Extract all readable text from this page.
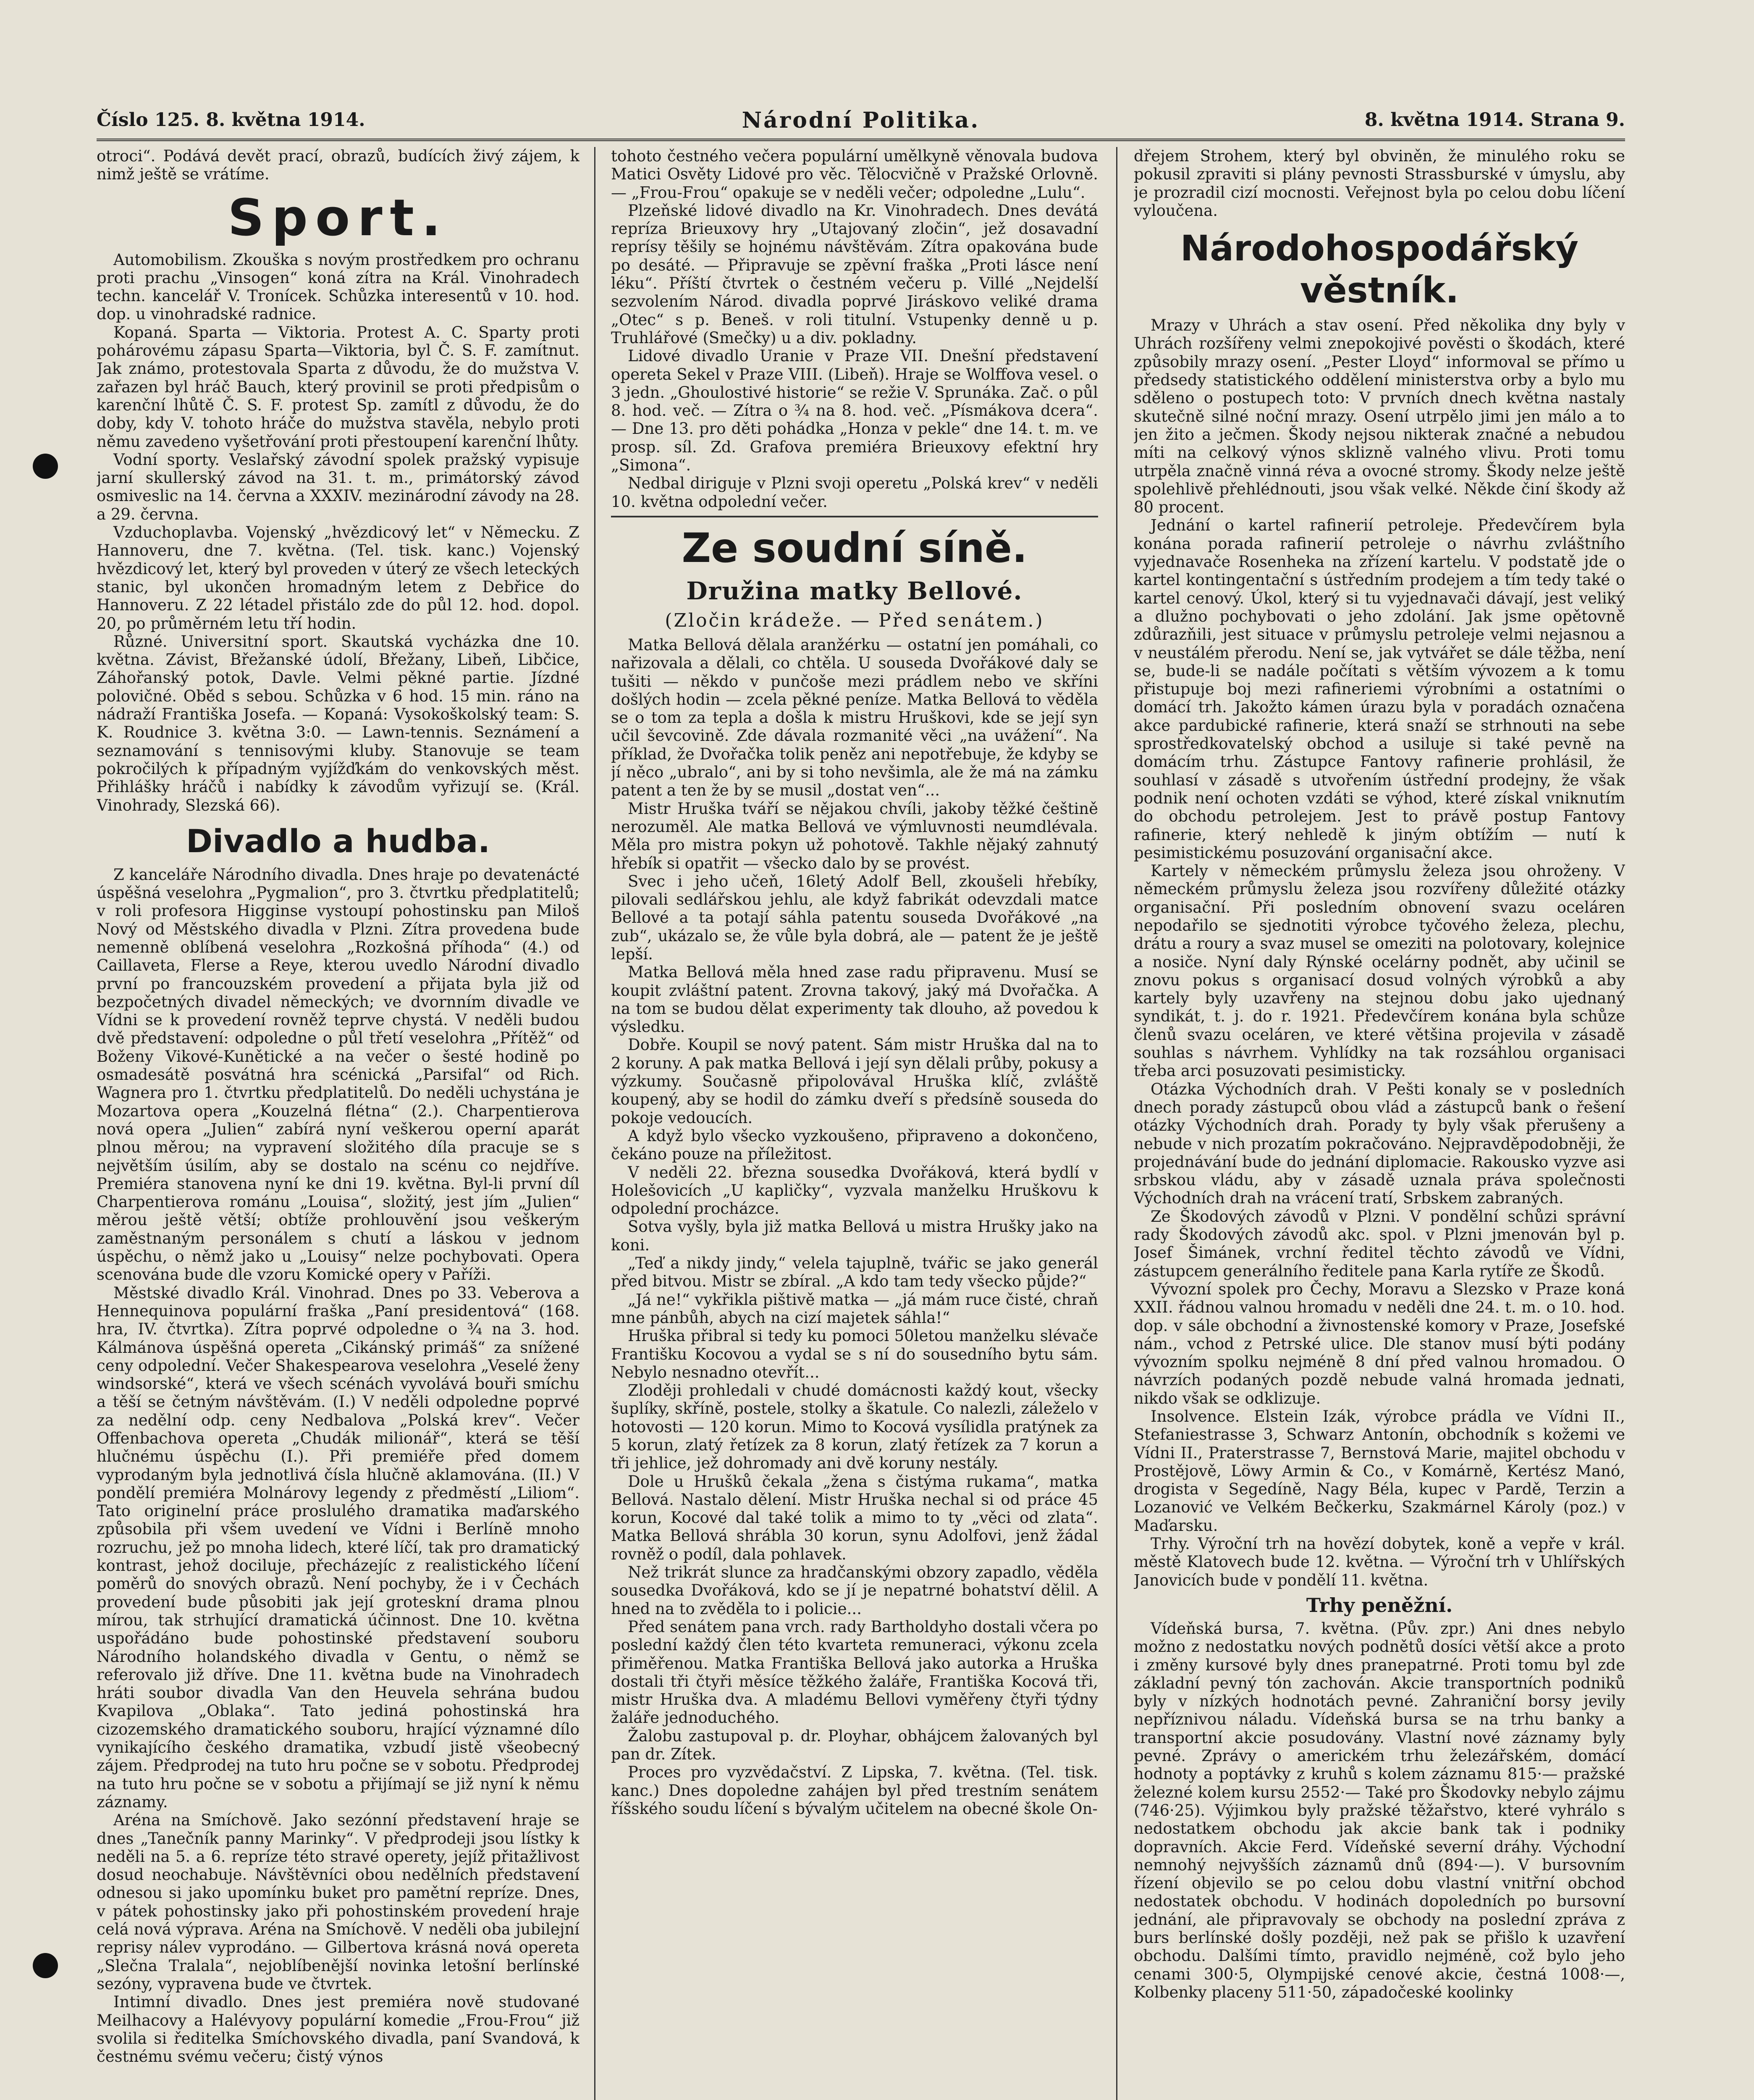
Číslo 125. 8. května 1914.	Národní Politika.	8. května 1914. Strana 9.

otroci“. Podává devět prací, obrazů, budících živý zájem, k nimž ještě se vrátíme.

Sport.

Automobilism. Zkouška s novým prostředkem pro ochranu proti prachu „Vinsogen“ koná zítra na Král. Vinohradech techn. kancelář V. Tronícek. Schůzka interesentů v 10. hod. dop. u vinohradské radnice.

Kopaná. Sparta — Viktoria. Protest A. C. Sparty proti pohárovému zápasu Sparta—Viktoria, byl Č. S. F. zamítnut. Jak známo, protestovala Sparta z důvodu, že do mužstva V. zařazen byl hráč Bauch, který provinil se proti předpisům o karenční lhůtě Č. S. F. protest Sp. zamítl z důvodu, že do doby, kdy V. tohoto hráče do mužstva stavěla, nebylo proti němu zavedeno vyšetřování proti přestoupení karenční lhůty.

Vodní sporty. Veslařský závodní spolek pražský vypisuje jarní skullerský závod na 31. t. m., primátorský závod osmiveslic na 14. června a XXXIV. mezinárodní závody na 28. a 29. června.

Vzduchoplavba. Vojenský „hvězdicový let“ v Německu. Z Hannoveru, dne 7. května. (Tel. tisk. kanc.) Vojenský hvězdicový let, který byl proveden v úterý ze všech leteckých stanic, byl ukončen hromadným letem z Debřice do Hannoveru. Z 22 létadel přistálo zde do půl 12. hod. dopol. 20, po průměrném letu tří hodin.

Různé. Universitní sport. Skautská vycházka dne 10. května. Závist, Břežanské údolí, Břežany, Libeň, Libčice, Záhořanský potok, Davle. Velmi pěkné partie. Jízdné polovičné. Oběd s sebou. Schůzka v 6 hod. 15 min. ráno na nádraží Františka Josefa. — Kopaná: Vysokoškolský team: S. K. Roudnice 3. května 3:0. — Lawn-tennis. Seznámení a seznamování s tennisovými kluby. Stanovuje se team pokročilých k případným vyjížďkám do venkovských měst. Přihlášky hráčů i nabídky k závodům vyřizují se. (Král. Vinohrady, Slezská 66).

Divadlo a hudba.

Z kanceláře Národního divadla. Dnes hraje po devatenácté úspěšná veselohra „Pygmalion“, pro 3. čtvrtku předplatitelů; v roli profesora Higginse vystoupí pohostinsku pan Miloš Nový od Městského divadla v Plzni. Zítra provedena bude nemenně oblíbená veselohra „Rozkošná příhoda“ (4.) od Caillaveta, Flerse a Reye, kterou uvedlo Národní divadlo první po francouzském provedení a přijata byla již od bezpočetných divadel německých; ve dvornním divadle ve Vídni se k provedení rovněž teprve chystá. V neděli budou dvě představení: odpoledne o půl třetí veselohra „Přítěž“ od Boženy Vikové-Kunětické a na večer o šesté hodině po osmadesátě posvátná hra scénická „Parsifal“ od Rich. Wagnera pro 1. čtvrtku předplatitelů. Do neděli uchystána je Mozartova opera „Kouzelná flétna“ (2.). Charpentierova nová opera „Julien“ zabírá nyní veškerou operní aparát plnou měrou; na vypravení složitého díla pracuje se s největším úsilím, aby se dostalo na scénu co nejdříve. Premiéra stanovena nyní ke dni 19. května. Byl-li první díl Charpentierova románu „Louisa“, složitý, jest jím „Julien“ měrou ještě větší; obtíže prohlouvění jsou veškerým zaměstnaným personálem s chutí a láskou v jednom úspěchu, o němž jako u „Louisy“ nelze pochybovati. Opera scenována bude dle vzoru Komické opery v Paříži.

Městské divadlo Král. Vinohrad. Dnes po 33. Veberova a Hennequinova populární fraška „Paní presidentová“ (168. hra, IV. čtvrtka). Zítra poprvé odpoledne o ¾ na 3. hod. Kálmánova úspěšná opereta „Cikánský primáš“ za snížené ceny odpolední. Večer Shakespearova veselohra „Veselé ženy windsorské“, která ve všech scénách vyvolává bouři smíchu a těší se četným návštěvám. (I.) V neděli odpoledne poprvé za nedělní odp. ceny Nedbalova „Polská krev“. Večer Offenbachova opereta „Chudák milionář“, která se těší hlučnému úspěchu (I.). Při premiéře před domem vyprodaným byla jednotlivá čísla hlučně aklamována. (II.) V pondělí premiéra Molnárovy legendy z předměstí „Liliom“. Tato originelní práce proslulého dramatika maďarského způsobila při všem uvedení ve Vídni i Berlíně mnoho rozruchu, jež po mnoha lidech, které líčí, tak pro dramatický kontrast, jehož dociluje, přecházejíc z realistického líčení poměrů do snových obrazů. Není pochyby, že i v Čechách provedení bude působiti jak její groteskní drama plnou mírou, tak strhující dramatická účinnost. Dne 10. května uspořádáno bude pohostinské představení souboru Národního holandského divadla v Gentu, o němž se referovalo již dříve. Dne 11. května bude na Vinohradech hráti soubor divadla Van den Heuvela sehrána budou Kvapilova „Oblaka“. Tato jediná pohostinská hra cizozemského dramatického souboru, hrající významné dílo vynikajícího českého dramatika, vzbudí jistě všeobecný zájem. Předprodej na tuto hru počne se v sobotu. Předprodej na tuto hru počne se v sobotu a přijímají se již nyní k němu záznamy.

Aréna na Smíchově. Jako sezónní představení hraje se dnes „Tanečník panny Marinky“. V předprodeji jsou lístky k neděli na 5. a 6. repríze této stravé operety, jejíž přitažlivost dosud neochabuje. Návštěvníci obou nedělních představení odnesou si jako upomínku buket pro pamětní repríze. Dnes, v pátek pohostinsky jako při pohostinském provedení hraje celá nová výprava. Aréna na Smíchově. V neděli oba jubilejní reprisy nálev vyprodáno. — Gilbertova krásná nová opereta „Slečna Tralala“, nejoblíbenější novinka letošní berlínské sezóny, vypravena bude ve čtvrtek.

Intimní divadlo. Dnes jest premiéra nově studované Meilhacovy a Halévyovy populární komedie „Frou-Frou“ již svolila si ředitelka Smíchovského divadla, paní Svandová, k čestnému svému večeru; čistý výnos

tohoto čestného večera populární umělkyně věnovala budova Matici Osvěty Lidové pro věc. Tělocvičně v Pražské Orlovně. — „Frou-Frou“ opakuje se v neděli večer; odpoledne „Lulu“.

Plzeňské lidové divadlo na Kr. Vinohradech. Dnes devátá repríza Brieuxovy hry „Utajovaný zločin“, jež dosavadní reprísy těšily se hojnému návštěvám. Zítra opakována bude po desáté. — Připravuje se zpěvní fraška „Proti lásce není léku“. Příští čtvrtek o čestném večeru p. Villé „Nejdelší sezvolením Národ. divadla poprvé Jiráskovo veliké drama „Otec“ s p. Beneš. v roli titulní. Vstupenky denně u p. Truhlářové (Smečky) u a div. pokladny.

Lidové divadlo Uranie v Praze VII. Dnešní představení opereta Sekel v Praze VIII. (Libeň). Hraje se Wolffova vesel. o 3 jedn. „Ghoulostivé historie“ se režie V. Sprunáka. Zač. o půl 8. hod. več. — Zítra o ¾ na 8. hod. več. „Písmákova dcera“. — Dne 13. pro děti pohádka „Honza v pekle“ dne 14. t. m. ve prosp. síl. Zd. Grafova premiéra Brieuxovy efektní hry „Simona“.

Nedbal diriguje v Plzni svoji operetu „Polská krev“ v neděli 10. května odpolední večer.

Ze soudní síně.
Družina matky Bellové.
(Zločin krádeže. — Před senátem.)

Matka Bellová dělala aranžérku — ostatní jen pomáhali, co nařizovala a dělali, co chtěla. U souseda Dvořákové daly se tušiti — někdo v punčoše mezi prádlem nebo ve skříni došlých hodin — zcela pěkné peníze. Matka Bellová to věděla se o tom za tepla a došla k mistru Hruškovi, kde se její syn učil ševcovině. Zde dávala rozmanité věci „na uvážení“. Na příklad, že Dvořačka tolik peněz ani nepotřebuje, že kdyby se jí něco „ubralo“, ani by si toho nevšimla, ale že má na zámku patent a ten že by se musil „dostat ven“...

Mistr Hruška tváří se nějakou chvíli, jakoby těžké češtině nerozuměl. Ale matka Bellová ve výmluvnosti neumdlévala. Měla pro mistra pokyn už pohotově. Takhle nějaký zahnutý hřebík si opatřit — všecko dalo by se provést.

Svec i jeho učeň, 16letý Adolf Bell, zkoušeli hřebíky, pilovali sedlářskou jehlu, ale když fabrikát odevzdali matce Bellové a ta potají sáhla patentu souseda Dvořákové „na zub“, ukázalo se, že vůle byla dobrá, ale — patent že je ještě lepší.

Matka Bellová měla hned zase radu připravenu. Musí se koupit zvláštní patent. Zrovna takový, jaký má Dvořačka. A na tom se budou dělat experimenty tak dlouho, až povedou k výsledku.

Dobře. Koupil se nový patent. Sám mistr Hruška dal na to 2 koruny. A pak matka Bellová i její syn dělali průby, pokusy a výzkumy. Současně připolovával Hruška klíč, zvláště koupený, aby se hodil do zámku dveří s předsíně souseda do pokoje vedoucích.

A když bylo všecko vyzkoušeno, připraveno a dokončeno, čekáno pouze na příležitost.

V neděli 22. března sousedka Dvořáková, která bydlí v Holešovicích „U kapličky“, vyzvala manželku Hruškovu k odpolední procházce.

Sotva vyšly, byla již matka Bellová u mistra Hrušky jako na koni.

„Teď a nikdy jindy,“ velela tajuplně, tvářic se jako generál před bitvou. Mistr se zbíral. „A kdo tam tedy všecko půjde?“

„Já ne!“ vykřikla pištivě matka — „já mám ruce čisté, chraň mne pánbůh, abych na cizí majetek sáhla!“

Hruška přibral si tedy ku pomoci 50letou manželku slévače Františku Kocovou a vydal se s ní do sousedního bytu sám. Nebylo nesnadno otevřít...

Zloději prohledali v chudé domácnosti každý kout, všecky šuplíky, skříně, postele, stolky a škatule. Co nalezli, záleželo v hotovosti — 120 korun. Mimo to Kocová vysílidla pratýnek za 5 korun, zlatý řetízek za 8 korun, zlatý řetízek za 7 korun a tři jehlice, jež dohromady ani dvě koruny nestály.

Dole u Hrušků čekala „žena s čistýma rukama“, matka Bellová. Nastalo dělení. Mistr Hruška nechal si od práce 45 korun, Kocové dal také tolik a mimo to ty „věci od zlata“. Matka Bellová shrábla 30 korun, synu Adolfovi, jenž žádal rovněž o podíl, dala pohlavek.

Než trikrát slunce za hradčanskými obzory zapadlo, věděla sousedka Dvořáková, kdo se jí je nepatrné bohatství dělil. A hned na to zvěděla to i policie...

Před senátem pana vrch. rady Bartholdyho dostali včera po poslední každý člen této kvarteta remuneraci, výkonu zcela přiměřenou. Matka Františka Bellová jako autorka a Hruška dostali tři čtyři měsíce těžkého žaláře, Františka Kocová tři, mistr Hruška dva. A mladému Bellovi vyměřeny čtyři týdny žaláře jednoduchého.

Žalobu zastupoval p. dr. Ployhar, obhájcem žalovaných byl pan dr. Zítek.

Proces pro vyzvědačství. Z Lipska, 7. května. (Tel. tisk. kanc.) Dnes dopoledne zahájen byl před trestním senátem říšského soudu líčení s bývalým učitelem na obecné škole On-

dřejem Strohem, který byl obviněn, že minulého roku se pokusil zpraviti si plány pevnosti Strassburské v úmyslu, aby je prozradil cizí mocnosti. Veřejnost byla po celou dobu líčení vyloučena.

Národohospodářský věstník.

Mrazy v Uhrách a stav osení. Před několika dny byly v Uhrách rozšířeny velmi znepokojivé pověsti o škodách, které způsobily mrazy osení. „Pester Lloyd“ informoval se přímo u předsedy statistického oddělení ministerstva orby a bylo mu sděleno o postupech toto: V prvních dnech května nastaly skutečně silné noční mrazy. Osení utrpělo jimi jen málo a to jen žito a ječmen. Škody nejsou nikterak značné a nebudou míti na celkový výnos sklizně valného vlivu. Proti tomu utrpěla značně vinná réva a ovocné stromy. Škody nelze ještě spolehlivě přehlédnouti, jsou však velké. Někde činí škody až 80 procent.

Jednání o kartel rafinerií petroleje. Předevčírem byla konána porada rafinerií petroleje o návrhu zvláštního vyjednavače Rosenheka na zřízení kartelu. V podstatě jde o kartel kontingentační s ústředním prodejem a tím tedy také o kartel cenový. Úkol, který si tu vyjednavači dávají, jest veliký a dlužno pochybovati o jeho zdolání. Jak jsme opětovně zdůrazňili, jest situace v průmyslu petroleje velmi nejasnou a v neustálém přerodu. Není se, jak vytvářet se dále těžba, není se, bude-li se nadále počítati s větším vývozem a k tomu přistupuje boj mezi rafineriemi výrobními a ostatními o domácí trh. Jakožto kámen úrazu byla v poradách označena akce pardubické rafinerie, která snaží se strhnouti na sebe sprostředkovatelský obchod a usiluje si také pevně na domácím trhu. Zástupce Fantovy rafinerie prohlásil, že souhlasí v zásadě s utvořením ústřední prodejny, že však podnik není ochoten vzdáti se výhod, které získal vniknutím do obchodu petrolejem. Jest to právě postup Fantovy rafinerie, který nehledě k jiným obtížím — nutí k pesimistickému posuzování organisační akce.

Kartely v německém průmyslu železa jsou ohroženy. V německém průmyslu železa jsou rozvířeny důležité otázky organisační. Při posledním obnovení svazu oceláren nepodařilo se sjednotiti výrobce tyčového železa, plechu, drátu a roury a svaz musel se omeziti na polotovary, kolejnice a nosiče. Nyní daly Rýnské ocelárny podnět, aby učinil se znovu pokus s organisací dosud volných výrobků a aby kartely byly uzavřeny na stejnou dobu jako ujednaný syndikát, t. j. do r. 1921. Předevčírem konána byla schůze členů svazu oceláren, ve které většina projevila v zásadě souhlas s návrhem. Vyhlídky na tak rozsáhlou organisaci třeba arci posuzovati pesimisticky.

Otázka Východních drah. V Pešti konaly se v posledních dnech porady zástupců obou vlád a zástupců bank o řešení otázky Východních drah. Porady ty byly však přerušeny a nebude v nich prozatím pokračováno. Nejpravděpodobněji, že projednávání bude do jednání diplomacie. Rakousko vyzve asi srbskou vládu, aby v zásadě uznala práva společnosti Východních drah na vrácení tratí, Srbskem zabraných.

Ze Škodových závodů v Plzni. V pondělní schůzi správní rady Škodových závodů akc. spol. v Plzni jmenován byl p. Josef Šimánek, vrchní ředitel těchto závodů ve Vídni, zástupcem generálního ředitele pana Karla rytíře ze Škodů.

Vývozní spolek pro Čechy, Moravu a Slezsko v Praze koná XXII. řádnou valnou hromadu v neděli dne 24. t. m. o 10. hod. dop. v sále obchodní a živnostenské komory v Praze, Josefské nám., vchod z Petrské ulice. Dle stanov musí býti podány vývozním spolku nejméně 8 dní před valnou hromadou. O návrzích podaných pozdě nebude valná hromada jednati, nikdo však se odklizuje.

Insolvence. Elstein Izák, výrobce prádla ve Vídni II., Stefaniestrasse 3, Schwarz Antonín, obchodník s kožemi ve Vídni II., Praterstrasse 7, Bernstová Marie, majitel obchodu v Prostějově, Löwy Armin & Co., v Komárně, Kertész Manó, drogista v Segedíně, Nagy Béla, kupec v Pardě, Terzin a Lozanović ve Velkém Bečkerku, Szakmárnel Károly (poz.) v Maďarsku.

Trhy. Výroční trh na hovězí dobytek, koně a vepře v král. městě Klatovech bude 12. května. — Výroční trh v Uhlířských Janovicích bude v pondělí 11. května.

Trhy peněžní.

Vídeňská bursa, 7. května. (Pův. zpr.) Ani dnes nebylo možno z nedostatku nových podnětů dosíci větší akce a proto i změny kursové byly dnes pranepatrné. Proti tomu byl zde základní pevný tón zachován. Akcie transportních podniků byly v nízkých hodnotách pevné. Zahraniční borsy jevily nepříznivou náladu. Vídeňská bursa se na trhu banky a transportní akcie posudovány. Vlastní nové záznamy byly pevné. Zprávy o americkém trhu železářském, domácí hodnoty a poptávky z kruhů s kolem záznamu 815·— pražské železné kolem kursu 2552·— Také pro Škodovky nebylo zájmu (746·25). Výjimkou byly pražské těžařstvo, které vyhrálo s nedostatkem obchodu jak akcie bank tak i podniky dopravních. Akcie Ferd. Vídeňské severní dráhy. Východní nemnohý nejvyšších záznamů dnů (894·—). V bursovním řízení objevilo se po celou dobu vlastní vnitřní obchod nedostatek obchodu. V hodinách dopoledních po bursovní jednání, ale připravovaly se obchody na poslední zpráva z burs berlínské došly později, než pak se přišlo k uzavření obchodu. Dalšími tímto, pravidlo nejméně, což bylo jeho cenami 300·5, Olympijské cenové akcie, čestná 1008·—, Kolbenky placeny 511·50, západočeské koolinky
